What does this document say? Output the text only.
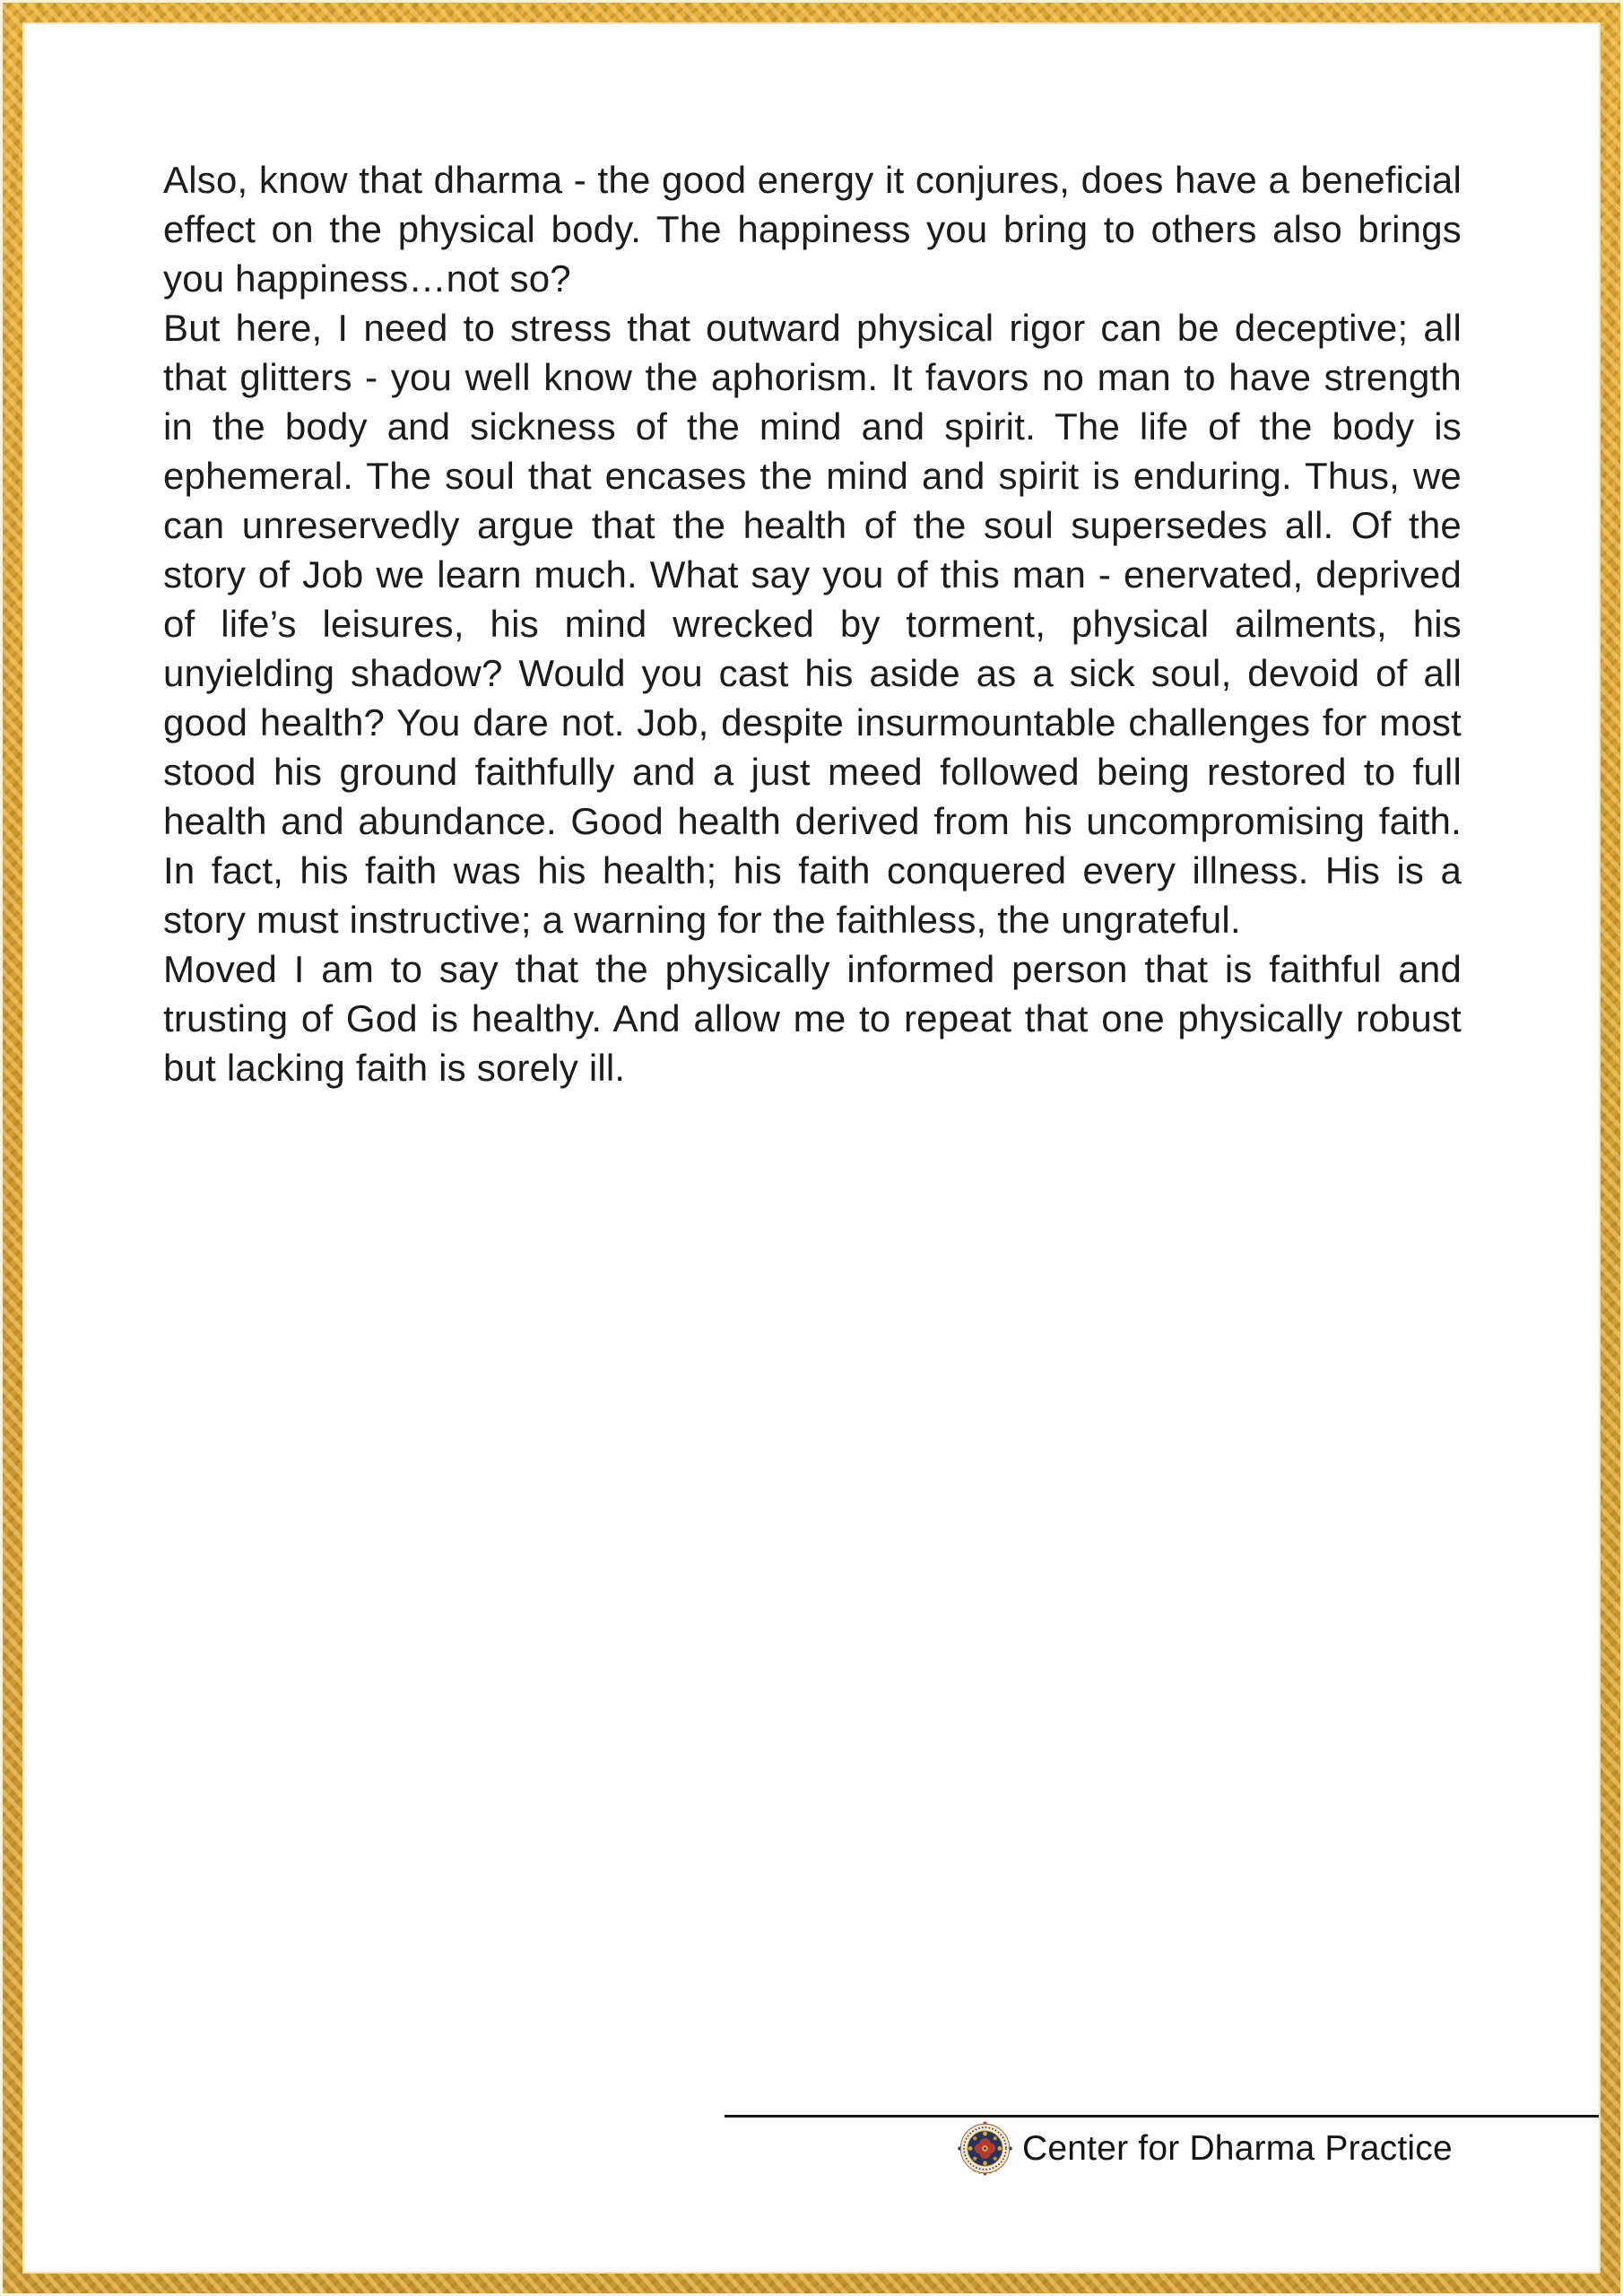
Also, know that dharma - the good energy it conjures, does have a beneficial effect on the physical body. The happiness you bring to others also brings you happiness…not so?

But here, I need to stress that outward physical rigor can be deceptive; all that glitters - you well know the aphorism. It favors no man to have strength in the body and sickness of the mind and spirit. The life of the body is ephemeral. The soul that encases the mind and spirit is enduring. Thus, we can unreservedly argue that the health of the soul supersedes all. Of the story of Job we learn much. What say you of this man - enervated, deprived of life’s leisures, his mind wrecked by torment, physical ailments, his unyielding shadow? Would you cast his aside as a sick soul, devoid of all good health? You dare not. Job, despite insurmountable challenges for most stood his ground faithfully and a just meed followed being restored to full health and abundance. Good health derived from his uncompromising faith. In fact, his faith was his health; his faith conquered every illness. His is a story must instructive; a warning for the faithless, the ungrateful.

Moved I am to say that the physically informed person that is faithful and trusting of God is healthy. And allow me to repeat that one physically robust but lacking faith is sorely ill.

Center for Dharma Practice
